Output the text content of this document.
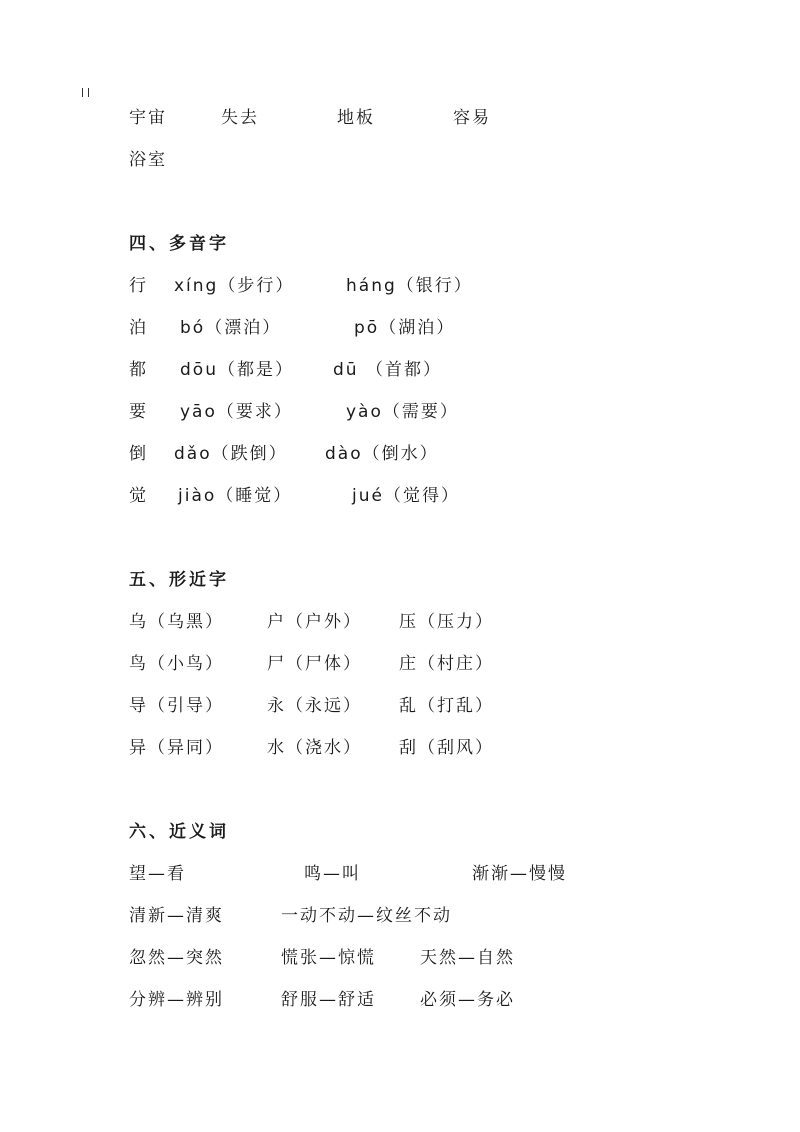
宇宙	失去	地板	容易
浴室
四、多音字
行 xíng（步行）	háng（银行）
泊 bó（漂泊）	pō（湖泊）
都 dōu（都是） dū （首都）
要 yāo（要求）	yào（需要）
倒 dǎo（跌倒） dào（倒水）
觉 jiào（睡觉）	jué（觉得）
五、形近字
乌（乌黑）	户（户外） 压（压力）
鸟（小鸟）	尸（尸体） 庄（村庄）
导（引导）	永（永远） 乱（打乱）
异（异同）	水（浇水） 刮（刮风）
六、近义词
望—看	鸣—叫	渐渐—慢慢
清新—清爽	一动不动—纹丝不动
忽然—突然	慌张—惊慌	天然—自然
分辨—辨别	舒服—舒适	必须—务必
